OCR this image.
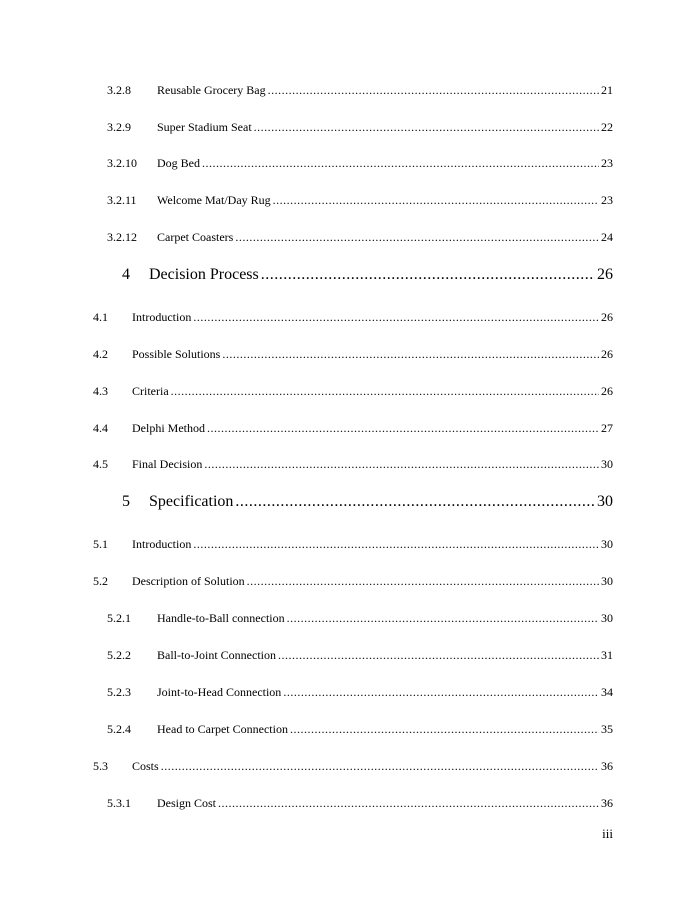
3.2.8	Reusable Grocery Bag .....	21
3.2.9	Super Stadium Seat .....	22
3.2.10	Dog Bed .....	23
3.2.11	Welcome Mat/Day Rug .....	23
3.2.12	Carpet Coasters .....	24
4	Decision Process .....	26
4.1	Introduction .....	26
4.2	Possible Solutions .....	26
4.3	Criteria .....	26
4.4	Delphi Method .....	27
4.5	Final Decision .....	30
5	Specification .....	30
5.1	Introduction .....	30
5.2	Description of Solution .....	30
5.2.1	Handle-to-Ball connection .....	30
5.2.2	Ball-to-Joint Connection .....	31
5.2.3	Joint-to-Head Connection .....	34
5.2.4	Head to Carpet Connection .....	35
5.3	Costs .....	36
5.3.1	Design Cost .....	36
iii
